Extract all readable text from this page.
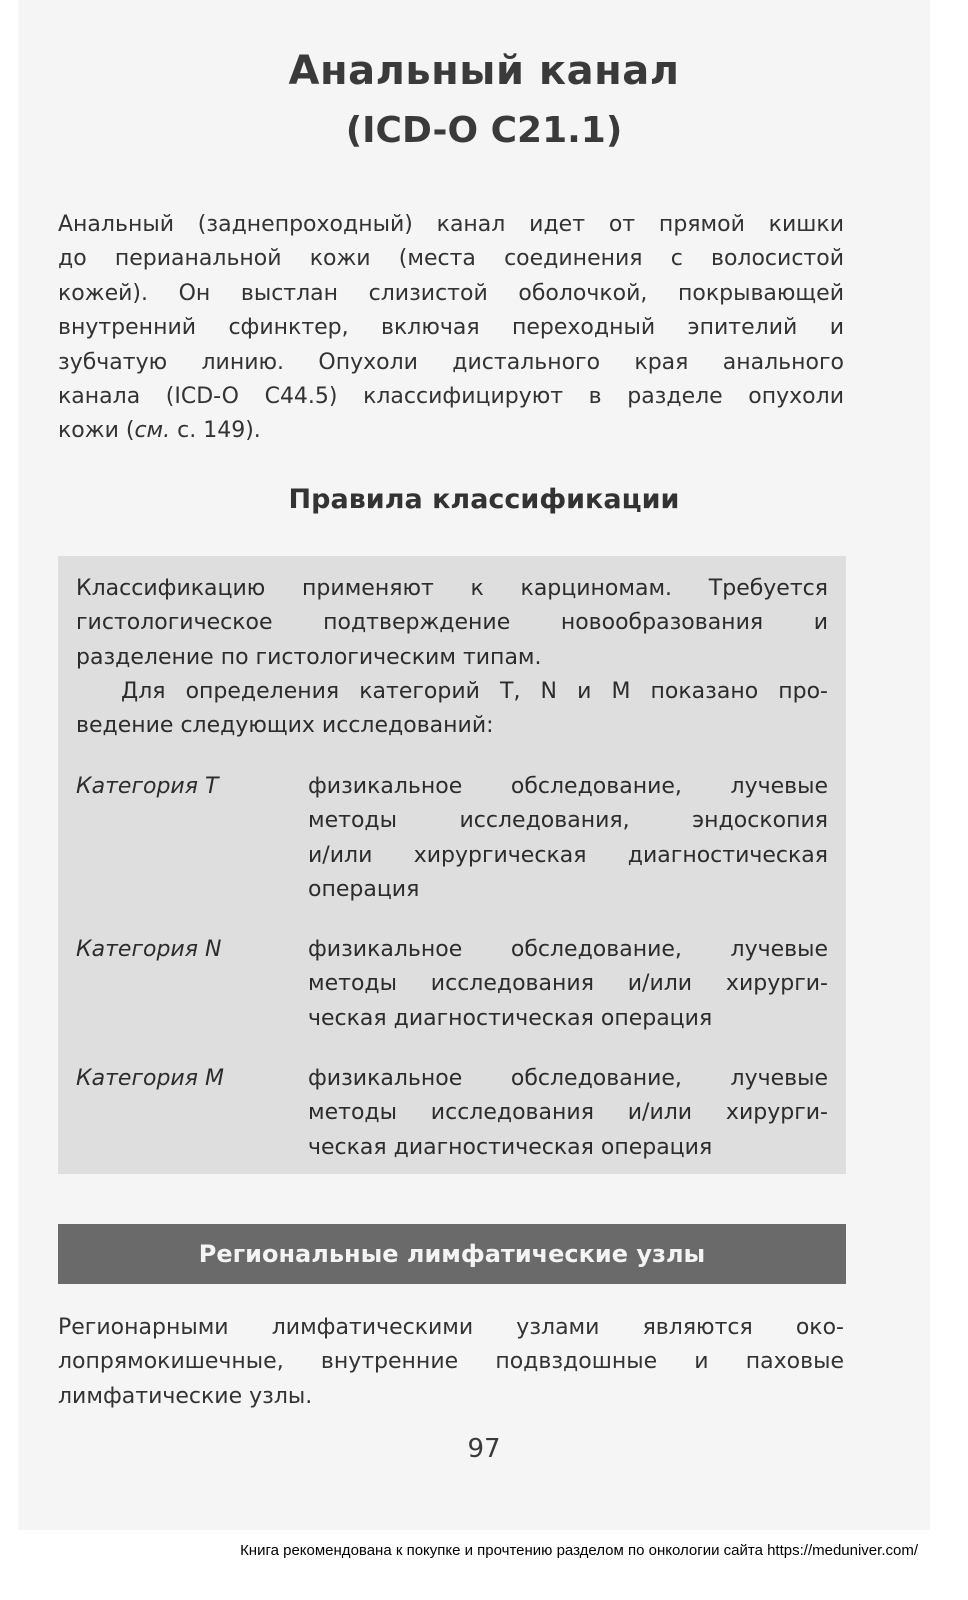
Анальный канал
(ICD-O C21.1)
Анальный (заднепроходный) канал идет от прямой кишки
до перианальной кожи (места соединения с волосистой
кожей). Он выстлан слизистой оболочкой, покрывающей
внутренний сфинктер, включая переходный эпителий и
зубчатую линию. Опухоли дистального края анального
канала (ICD-O C44.5) классифицируют в разделе опухоли
кожи (см. с. 149).
Правила классификации
Классификацию применяют к карциномам. Требуется
гистологическое подтверждение новообразования и
разделение по гистологическим типам.
Для определения категорий T, N и M показано про-
ведение следующих исследований:
Категория T	физикальное обследование, лучевые
методы исследования, эндоскопия
и/или хирургическая диагностическая
операция
Категория N	физикальное обследование, лучевые
методы исследования и/или хирурги-
ческая диагностическая операция
Категория M	физикальное обследование, лучевые
методы исследования и/или хирурги-
ческая диагностическая операция
Региональные лимфатические узлы
Регионарными лимфатическими узлами являются око-
лопрямокишечные, внутренние подвздошные и паховые
лимфатические узлы.
97
Книга рекомендована к покупке и прочтению разделом по онкологии сайта https://meduniver.com/
